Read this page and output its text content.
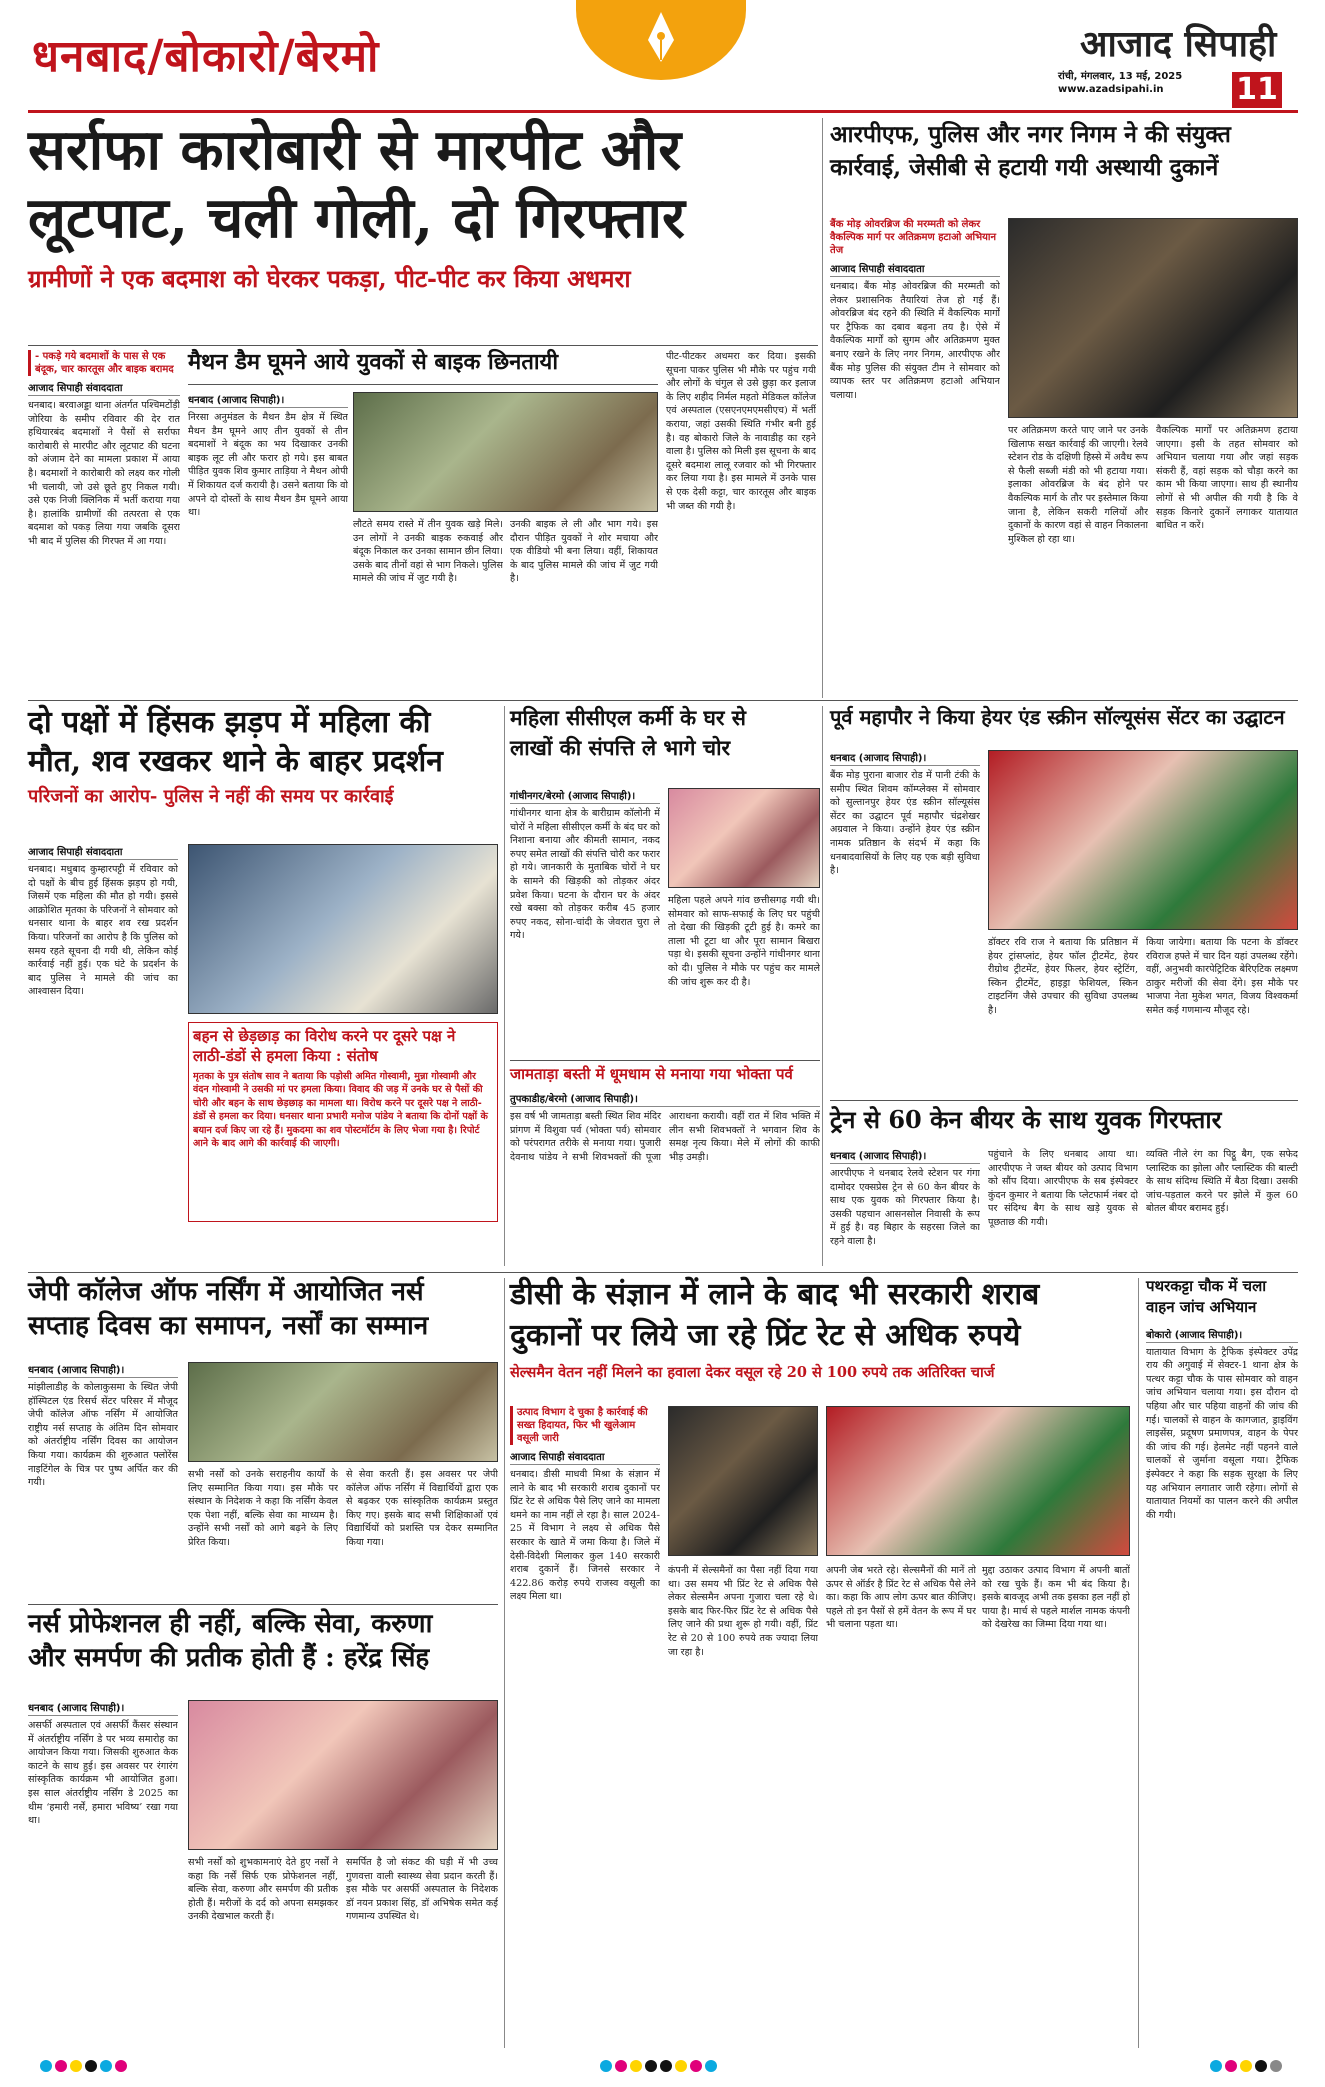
धनबाद/बोकारो/बेरमो	आजाद सिपाही
रांची, मंगलवार, 13 मई, 2025
www.azadsipahi.in 11
सर्राफा कारोबारी से मारपीट और
लूटपाट, चली गोली, दो गिरफ्तार
ग्रामीणों ने एक बदमाश को घेरकर पकड़ा, पीट-पीट कर किया अधमरा
- पकड़े गये बदमाशों के पास से एक बंदूक, चार कारतूस और बाइक बरामद
आजाद सिपाही संवाददाता
धनबाद। बरवाअड्डा थाना अंतर्गत पश्चिमटोंड़ी जोरिया के समीप रविवार की देर रात हथियारबंद बदमाशों ने पैसों से सर्राफा कारोबारी से मारपीट और लूटपाट की घटना को अंजाम देने का मामला प्रकाश में आया है। बदमाशों ने कारोबारी को लक्ष्य कर गोली भी चलायी, जो उसे छूते हुए निकल गयी। उसे एक निजी क्लिनिक में भर्ती कराया गया है। हालांकि ग्रामीणों की तत्परता से एक बदमाश को पकड़ लिया गया जबकि दूसरा भी बाद में पुलिस की गिरफ्त में आ गया।
मैथन डैम घूमने आये युवकों से बाइक छिनतायी
धनबाद (आजाद सिपाही)।
निरसा अनुमंडल के मैथन डैम क्षेत्र में स्थित मैथन डैम घूमने आए तीन युवकों से तीन बदमाशों ने बंदूक का भय दिखाकर उनकी बाइक लूट ली और फरार हो गये। इस बाबत पीड़ित युवक शिव कुमार ताड़िया ने मैथन ओपी में शिकायत दर्ज करायी है। उसने बताया कि वो अपने दो दोस्तों के साथ मैथन डैम घूमने आया था।
लौटते समय रास्ते में तीन युवक खड़े मिले। उन लोगों ने उनकी बाइक रुकवाई और बंदूक निकाल कर उनका सामान छीन लिया। उसके बाद तीनों वहां से भाग निकले। पुलिस मामले की जांच में जुट गयी है।
उनकी बाइक ले ली और भाग गये। इस दौरान पीड़ित युवकों ने शोर मचाया और एक वीडियो भी बना लिया। वहीं, शिकायत के बाद पुलिस मामले की जांच में जुट गयी है।
पीट-पीटकर अधमरा कर दिया। इसकी सूचना पाकर पुलिस भी मौके पर पहुंच गयी और लोगों के चंगुल से उसे छुड़ा कर इलाज के लिए शहीद निर्मल महतो मेडिकल कॉलेज एवं अस्पताल (एसएनएमएमसीएच) में भर्ती कराया, जहां उसकी स्थिति गंभीर बनी हुई है। वह बोकारो जिले के नावाडीह का रहने वाला है। पुलिस को मिली इस सूचना के बाद दूसरे बदमाश लालू रजवार को भी गिरफ्तार कर लिया गया है। इस मामले में उनके पास से एक देसी कट्टा, चार कारतूस और बाइक भी जब्त की गयी है।
आरपीएफ, पुलिस और नगर निगम ने की संयुक्त कार्रवाई, जेसीबी से हटायी गयी अस्थायी दुकानें
बैंक मोड़ ओवरब्रिज की मरम्मती को लेकर वैकल्पिक मार्ग पर अतिक्रमण हटाओ अभियान तेज
आजाद सिपाही संवाददाता
धनबाद। बैंक मोड़ ओवरब्रिज की मरम्मती को लेकर प्रशासनिक तैयारियां तेज हो गई हैं। ओवरब्रिज बंद रहने की स्थिति में वैकल्पिक मार्गों पर ट्रैफिक का दबाव बढ़ना तय है। ऐसे में वैकल्पिक मार्गों को सुगम और अतिक्रमण मुक्त बनाए रखने के लिए नगर निगम, आरपीएफ और बैंक मोड़ पुलिस की संयुक्त टीम ने सोमवार को व्यापक स्तर पर अतिक्रमण हटाओ अभियान चलाया।
पर अतिक्रमण करते पाए जाने पर उनके खिलाफ सख्त कार्रवाई की जाएगी। रेलवे स्टेशन रोड के दक्षिणी हिस्से में अवैध रूप से फैली सब्जी मंडी को भी हटाया गया। इलाका ओवरब्रिज के बंद होने पर वैकल्पिक मार्ग के तौर पर इस्तेमाल किया जाना है, लेकिन सकरी गलियों और दुकानों के कारण वहां से वाहन निकालना मुश्किल हो रहा था।
वैकल्पिक मार्गों पर अतिक्रमण हटाया जाएगा। इसी के तहत सोमवार को अभियान चलाया गया और जहां सड़क संकरी हैं, वहां सड़क को चौड़ा करने का काम भी किया जाएगा। साथ ही स्थानीय लोगों से भी अपील की गयी है कि वे सड़क किनारे दुकानें लगाकर यातायात बाधित न करें।
दो पक्षों में हिंसक झड़प में महिला की
मौत, शव रखकर थाने के बाहर प्रदर्शन
परिजनों का आरोप- पुलिस ने नहीं की समय पर कार्रवाई
आजाद सिपाही संवाददाता
धनबाद। मधुबाद कुम्हारपट्टी में रविवार को दो पक्षों के बीच हुई हिंसक झड़प हो गयी, जिसमें एक महिला की मौत हो गयी। इससे आक्रोशित मृतका के परिजनों ने सोमवार को धनसार थाना के बाहर शव रख प्रदर्शन किया। परिजनों का आरोप है कि पुलिस को समय रहते सूचना दी गयी थी, लेकिन कोई कार्रवाई नहीं हुई। एक घंटे के प्रदर्शन के बाद पुलिस ने मामले की जांच का आश्वासन दिया।
बहन से छेड़छाड़ का विरोध करने पर दूसरे पक्ष ने लाठी-डंडों से हमला किया : संतोष
मृतका के पुत्र संतोष साव ने बताया कि पड़ोसी अमित गोस्वामी, मुन्ना गोस्वामी और वंदन गोस्वामी ने उसकी मां पर हमला किया। विवाद की जड़ में उनके घर से पैसों की चोरी और बहन के साथ छेड़छाड़ का मामला था। विरोध करने पर दूसरे पक्ष ने लाठी-डंडों से हमला कर दिया। धनसार थाना प्रभारी मनोज पांडेय ने बताया कि दोनों पक्षों के बयान दर्ज किए जा रहे हैं। मुकदमा का शव पोस्टमॉर्टम के लिए भेजा गया है। रिपोर्ट आने के बाद आगे की कार्रवाई की जाएगी।
महिला सीसीएल कर्मी के घर से
लाखों की संपत्ति ले भागे चोर
गांधीनगर/बेरमो (आजाद सिपाही)।
गांधीनगर थाना क्षेत्र के बारीग्राम कॉलोनी में चोरों ने महिला सीसीएल कर्मी के बंद घर को निशाना बनाया और कीमती सामान, नकद रुपए समेत लाखों की संपत्ति चोरी कर फरार हो गये। जानकारी के मुताबिक चोरों ने घर के सामने की खिड़की को तोड़कर अंदर प्रवेश किया। घटना के दौरान घर के अंदर रखे बक्सा को तोड़कर करीब 45 हजार रुपए नकद, सोना-चांदी के जेवरात चुरा ले गये।
महिला पहले अपने गांव छत्तीसगढ़ गयी थी। सोमवार को साफ-सफाई के लिए घर पहुंची तो देखा की खिड़की टूटी हुई है। कमरे का ताला भी टूटा था और पूरा सामान बिखरा पड़ा थे। इसकी सूचना उन्होंने गांधीनगर थाना को दी। पुलिस ने मौके पर पहुंच कर मामले की जांच शुरू कर दी है।
जामताड़ा बस्ती में धूमधाम से मनाया गया भोक्ता पर्व
तुपकाडीह/बेरमो (आजाद सिपाही)।
इस वर्ष भी जामताड़ा बस्ती स्थित शिव मंदिर प्रांगण में विशुवा पर्व (भोक्ता पर्व) सोमवार को परंपरागत तरीके से मनाया गया। पुजारी देवनाथ पांडेय ने सभी शिवभक्तों की पूजा आराधना करायी। वहीं रात में शिव भक्ति में लीन सभी शिवभक्तों ने भगवान शिव के समक्ष नृत्य किया। मेले में लोगों की काफी भीड़ उमड़ी।
पूर्व महापौर ने किया हेयर एंड स्क्रीन सॉल्यूसंस सेंटर का उद्घाटन
धनबाद (आजाद सिपाही)।
बैंक मोड़ पुराना बाजार रोड में पानी टंकी के समीप स्थित शिवम कॉम्प्लेक्स में सोमवार को सुल्तानपुर हेयर एंड स्क्रीन सॉल्यूसंस सेंटर का उद्घाटन पूर्व महापौर चंद्रशेखर अग्रवाल ने किया। उन्होंने हेयर एंड स्क्रीन नामक प्रतिष्ठान के संदर्भ में कहा कि धनबादवासियों के लिए यह एक बड़ी सुविधा है।
डॉक्टर रवि राज ने बताया कि प्रतिष्ठान में हेयर ट्रांसप्लांट, हेयर फॉल ट्रीटमेंट, हेयर रीग्रोथ ट्रीटमेंट, हेयर फिलर, हेयर स्ट्रेटिंग, स्किन ट्रीटमेंट, हाइड्रा फेशियल, स्किन टाइटनिंग जैसे उपचार की सुविधा उपलब्ध है।
किया जायेगा। बताया कि पटना के डॉक्टर रविराज हफ्ते में चार दिन यहां उपलब्ध रहेंगे। वहीं, अनुभवी कारपेट्रिटिक बेरिएटिक लक्ष्मण ठाकुर मरीजों की सेवा देंगे। इस मौके पर भाजपा नेता मुकेश भगत, विजय विश्वकर्मा समेत कई गणमान्य मौजूद रहे।
ट्रेन से 60 केन बीयर के साथ युवक गिरफ्तार
धनबाद (आजाद सिपाही)।
आरपीएफ ने धनबाद रेलवे स्टेशन पर गंगा दामोदर एक्सप्रेस ट्रेन से 60 केन बीयर के साथ एक युवक को गिरफ्तार किया है। उसकी पहचान आसनसोल निवासी के रूप में हुई है। वह बिहार के सहरसा जिले का रहने वाला है।
पहुंचाने के लिए धनबाद आया था। आरपीएफ ने जब्त बीयर को उत्पाद विभाग को सौंप दिया। आरपीएफ के सब इंस्पेक्टर कुंदन कुमार ने बताया कि प्लेटफार्म नंबर दो पर संदिग्ध बैग के साथ खड़े युवक से पूछताछ की गयी।
व्यक्ति नीले रंग का पिट्ठू बैग, एक सफेद प्लास्टिक का झोला और प्लास्टिक की बाल्टी के साथ संदिग्ध स्थिति में बैठा दिखा। उसकी जांच-पड़ताल करने पर झोले में कुल 60 बोतल बीयर बरामद हुई।
जेपी कॉलेज ऑफ नर्सिंग में आयोजित नर्स
सप्ताह दिवस का समापन, नर्सों का सम्मान
धनबाद (आजाद सिपाही)।
मांझीलाडीह के कोलाकुसमा के स्थित जेपी हॉस्पिटल एंड रिसर्च सेंटर परिसर में मौजूद जेपी कॉलेज ऑफ नर्सिंग में आयोजित राष्ट्रीय नर्स सप्ताह के अंतिम दिन सोमवार को अंतर्राष्ट्रीय नर्सिंग दिवस का आयोजन किया गया। कार्यक्रम की शुरुआत फ्लोरेंस नाइटिंगेल के चित्र पर पुष्प अर्पित कर की गयी।
सभी नर्सों को उनके सराहनीय कार्यों के लिए सम्मानित किया गया। इस मौके पर संस्थान के निदेशक ने कहा कि नर्सिंग केवल एक पेशा नहीं, बल्कि सेवा का माध्यम है। उन्होंने सभी नर्सों को आगे बढ़ने के लिए प्रेरित किया।
से सेवा करती हैं। इस अवसर पर जेपी कॉलेज ऑफ नर्सिंग में विद्यार्थियों द्वारा एक से बढ़कर एक सांस्कृतिक कार्यक्रम प्रस्तुत किए गए। इसके बाद सभी शिक्षिकाओं एवं विद्यार्थियों को प्रशस्ति पत्र देकर सम्मानित किया गया।
नर्स प्रोफेशनल ही नहीं, बल्कि सेवा, करुणा
और समर्पण की प्रतीक होती हैं : हरेंद्र सिंह
धनबाद (आजाद सिपाही)।
असर्फी अस्पताल एवं असर्फी कैंसर संस्थान में अंतर्राष्ट्रीय नर्सिंग डे पर भव्य समारोह का आयोजन किया गया। जिसकी शुरुआत केक काटने के साथ हुई। इस अवसर पर रंगारंग सांस्कृतिक कार्यक्रम भी आयोजित हुआ। इस साल अंतर्राष्ट्रीय नर्सिंग डे 2025 का थीम ‘हमारी नर्सें, हमारा भविष्य’ रखा गया था।
सभी नर्सों को शुभकामनाएं देते हुए नर्सों ने कहा कि नर्सें सिर्फ एक प्रोफेशनल नहीं, बल्कि सेवा, करुणा और समर्पण की प्रतीक होती हैं। मरीजों के दर्द को अपना समझकर उनकी देखभाल करती हैं।
समर्पित है जो संकट की घड़ी में भी उच्च गुणवत्ता वाली स्वास्थ्य सेवा प्रदान करती हैं। इस मौके पर असर्फी अस्पताल के निदेशक डॉ नयन प्रकाश सिंह, डॉ अभिषेक समेत कई गणमान्य उपस्थित थे।
डीसी के संज्ञान में लाने के बाद भी सरकारी शराब
दुकानों पर लिये जा रहे प्रिंट रेट से अधिक रुपये
सेल्समैन वेतन नहीं मिलने का हवाला देकर वसूल रहे 20 से 100 रुपये तक अतिरिक्त चार्ज
उत्पाद विभाग दे चुका है कार्रवाई की सख्त हिदायत, फिर भी खुलेआम वसूली जारी
आजाद सिपाही संवाददाता
धनबाद। डीसी माधवी मिश्रा के संज्ञान में लाने के बाद भी सरकारी शराब दुकानों पर प्रिंट रेट से अधिक पैसे लिए जाने का मामला थमने का नाम नहीं ले रहा है। साल 2024-25 में विभाग ने लक्ष्य से अधिक पैसे सरकार के खाते में जमा किया है। जिले में देसी-विदेशी मिलाकर कुल 140 सरकारी शराब दुकानें हैं। जिनसे सरकार ने 422.86 करोड़ रुपये राजस्व वसूली का लक्ष्य मिला था।
कंपनी में सेल्समैनों का पैसा नहीं दिया गया था। उस समय भी प्रिंट रेट से अधिक पैसे लेकर सेल्समैन अपना गुजारा चला रहे थे। इसके बाद फिर-फिर प्रिंट रेट से अधिक पैसे लिए जाने की प्रथा शुरू हो गयी। वहीं, प्रिंट रेट से 20 से 100 रुपये तक ज्यादा लिया जा रहा है।
अपनी जेब भरते रहे। सेल्समैनों की मानें तो ऊपर से ऑर्डर है प्रिंट रेट से अधिक पैसे लेने का। कहा कि आप लोग ऊपर बात कीजिए। पहले तो इन पैसों से हमें वेतन के रूप में घर भी चलाना पड़ता था।
मुद्दा उठाकर उत्पाद विभाग में अपनी बातों को रख चुके हैं। कम भी बंद किया है। इसके बावजूद अभी तक इसका हल नहीं हो पाया है। मार्च से पहले मार्शल नामक कंपनी को देखरेख का जिम्मा दिया गया था।
पथरकट्टा चौक में चला
वाहन जांच अभियान
बोकारो (आजाद सिपाही)।
यातायात विभाग के ट्रैफिक इंस्पेक्टर उपेंद्र राय की अगुवाई में सेक्टर-1 थाना क्षेत्र के पत्थर कट्टा चौक के पास सोमवार को वाहन जांच अभियान चलाया गया। इस दौरान दो पहिया और चार पहिया वाहनों की जांच की गई। चालकों से वाहन के कागजात, ड्राइविंग लाइसेंस, प्रदूषण प्रमाणपत्र, वाहन के पेपर की जांच की गई। हेलमेट नहीं पहनने वाले चालकों से जुर्माना वसूला गया। ट्रैफिक इंस्पेक्टर ने कहा कि सड़क सुरक्षा के लिए यह अभियान लगातार जारी रहेगा। लोगों से यातायात नियमों का पालन करने की अपील की गयी।
